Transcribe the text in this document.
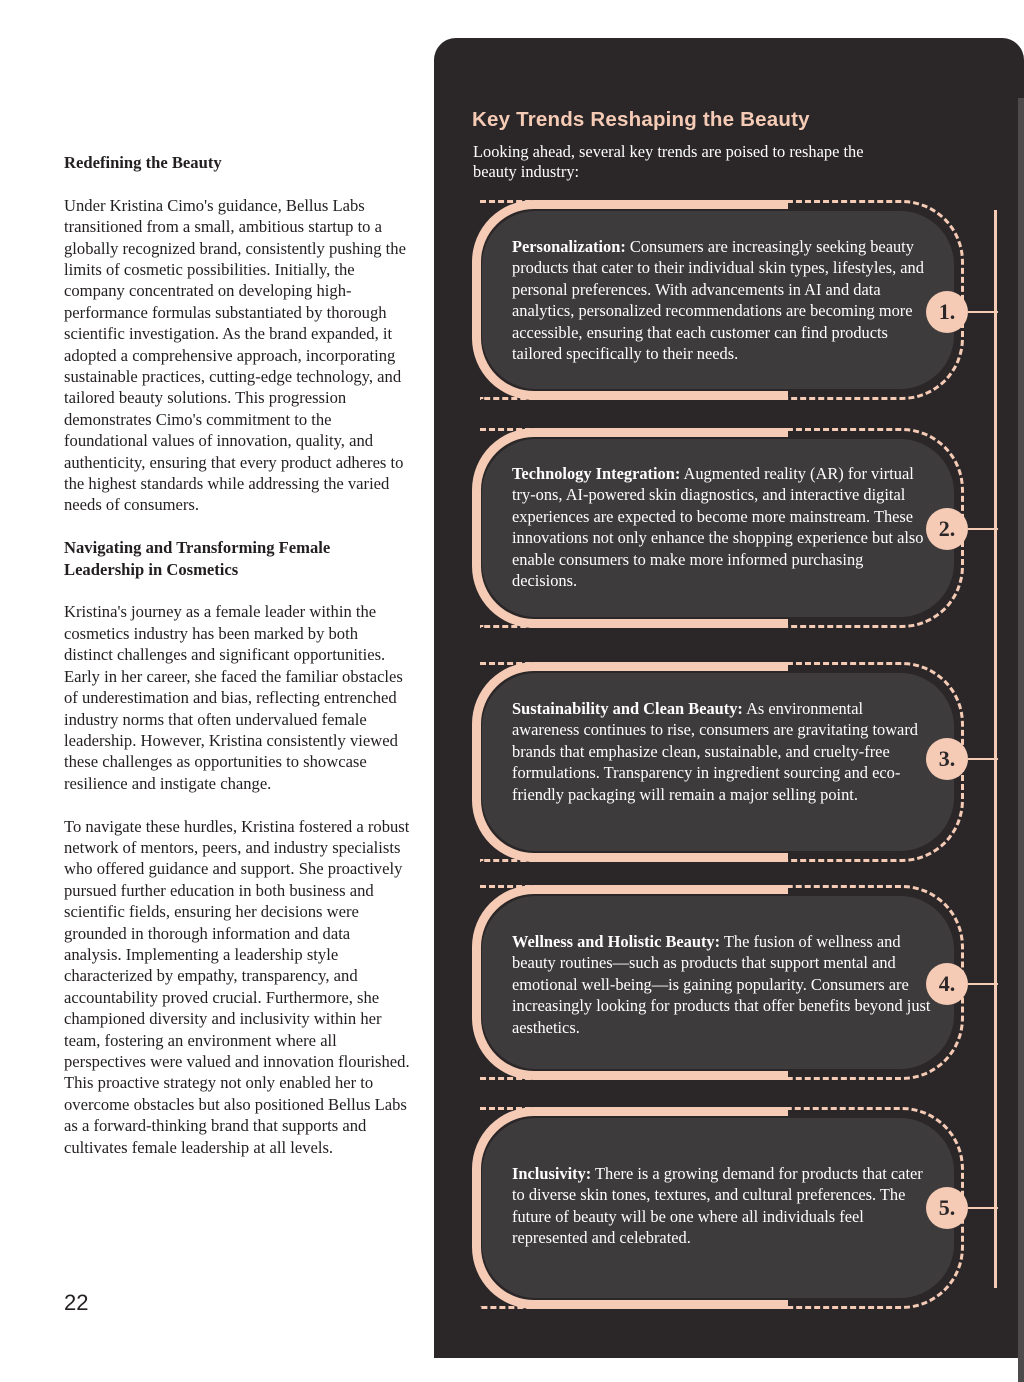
Redefining the Beauty

Under Kristina Cimo's guidance, Bellus Labs transitioned from a small, ambitious startup to a globally recognized brand, consistently pushing the limits of cosmetic possibilities. Initially, the company concentrated on developing high-performance formulas substantiated by thorough scientific investigation. As the brand expanded, it adopted a comprehensive approach, incorporating sustainable practices, cutting-edge technology, and tailored beauty solutions. This progression demonstrates Cimo's commitment to the foundational values of innovation, quality, and authenticity, ensuring that every product adheres to the highest standards while addressing the varied needs of consumers.

Navigating and Transforming Female Leadership in Cosmetics

Kristina's journey as a female leader within the cosmetics industry has been marked by both distinct challenges and significant opportunities. Early in her career, she faced the familiar obstacles of underestimation and bias, reflecting entrenched industry norms that often undervalued female leadership. However, Kristina consistently viewed these challenges as opportunities to showcase resilience and instigate change.

To navigate these hurdles, Kristina fostered a robust network of mentors, peers, and industry specialists who offered guidance and support. She proactively pursued further education in both business and scientific fields, ensuring her decisions were grounded in thorough information and data analysis. Implementing a leadership style characterized by empathy, transparency, and accountability proved crucial. Furthermore, she championed diversity and inclusivity within her team, fostering an environment where all perspectives were valued and innovation flourished. This proactive strategy not only enabled her to overcome obstacles but also positioned Bellus Labs as a forward-thinking brand that supports and cultivates female leadership at all levels.

22
Key Trends Reshaping the Beauty
Looking ahead, several key trends are poised to reshape the beauty industry:
Personalization: Consumers are increasingly seeking beauty products that cater to their individual skin types, lifestyles, and personal preferences. With advancements in AI and data analytics, personalized recommendations are becoming more accessible, ensuring that each customer can find products tailored specifically to their needs.
1.
Technology Integration: Augmented reality (AR) for virtual try-ons, AI-powered skin diagnostics, and interactive digital experiences are expected to become more mainstream. These innovations not only enhance the shopping experience but also enable consumers to make more informed purchasing decisions.
2.
Sustainability and Clean Beauty: As environmental awareness continues to rise, consumers are gravitating toward brands that emphasize clean, sustainable, and cruelty-free formulations. Transparency in ingredient sourcing and eco-friendly packaging will remain a major selling point.
3.
Wellness and Holistic Beauty: The fusion of wellness and beauty routines—such as products that support mental and emotional well-being—is gaining popularity. Consumers are increasingly looking for products that offer benefits beyond just aesthetics.
4.
Inclusivity: There is a growing demand for products that cater to diverse skin tones, textures, and cultural preferences. The future of beauty will be one where all individuals feel represented and celebrated.
5.
